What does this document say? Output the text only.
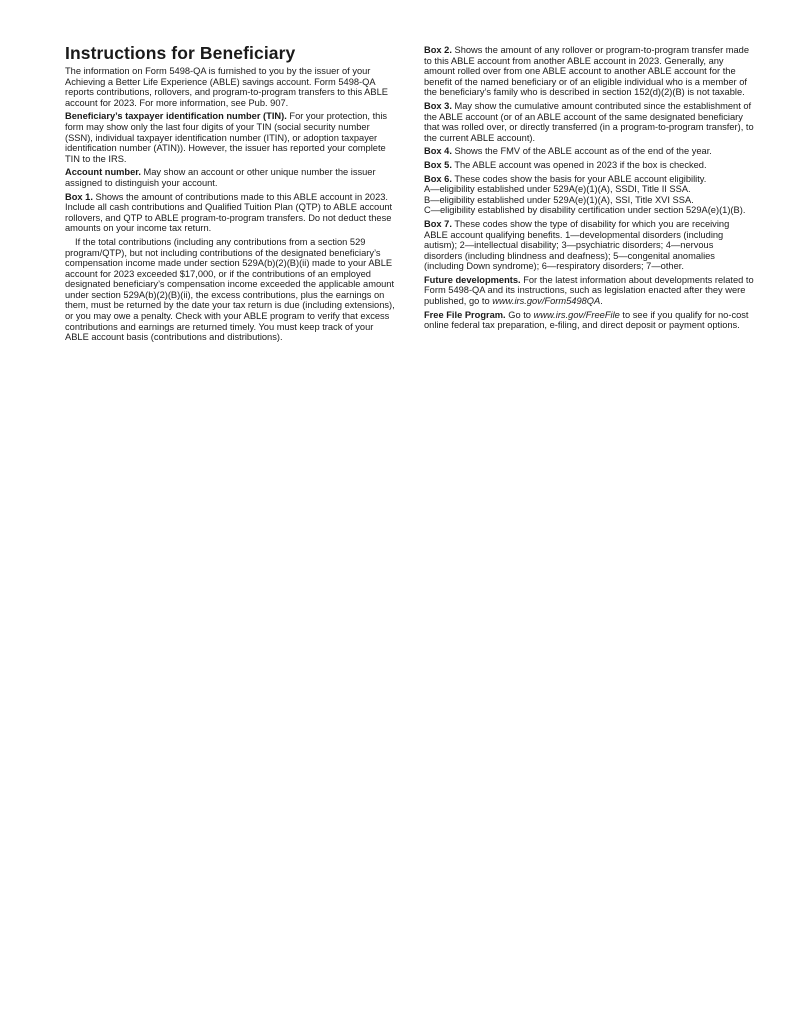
Instructions for Beneficiary

The information on Form 5498-QA is furnished to you by the issuer of your Achieving a Better Life Experience (ABLE) savings account. Form 5498-QA reports contributions, rollovers, and program-to-program transfers to this ABLE account for 2023. For more information, see Pub. 907.

Beneficiary’s taxpayer identification number (TIN). For your protection, this form may show only the last four digits of your TIN (social security number (SSN), individual taxpayer identification number (ITIN), or adoption taxpayer identification number (ATIN)). However, the issuer has reported your complete TIN to the IRS.

Account number. May show an account or other unique number the issuer assigned to distinguish your account.

Box 1. Shows the amount of contributions made to this ABLE account in 2023. Include all cash contributions and Qualified Tuition Plan (QTP) to ABLE account rollovers, and QTP to ABLE program-to-program transfers. Do not deduct these amounts on your income tax return.

If the total contributions (including any contributions from a section 529 program/QTP), but not including contributions of the designated beneficiary’s compensation income made under section 529A(b)(2)(B)(ii) made to your ABLE account for 2023 exceeded $17,000, or if the contributions of an employed designated beneficiary’s compensation income exceeded the applicable amount under section 529A(b)(2)(B)(ii), the excess contributions, plus the earnings on them, must be returned by the date your tax return is due (including extensions), or you may owe a penalty. Check with your ABLE program to verify that excess contributions and earnings are returned timely. You must keep track of your ABLE account basis (contributions and distributions).

Box 2. Shows the amount of any rollover or program-to-program transfer made to this ABLE account from another ABLE account in 2023. Generally, any amount rolled over from one ABLE account to another ABLE account for the benefit of the named beneficiary or of an eligible individual who is a member of the beneficiary’s family who is described in section 152(d)(2)(B) is not taxable.

Box 3. May show the cumulative amount contributed since the establishment of the ABLE account (or of an ABLE account of the same designated beneficiary that was rolled over, or directly transferred (in a program-to-program transfer), to the current ABLE account).

Box 4. Shows the FMV of the ABLE account as of the end of the year.

Box 5. The ABLE account was opened in 2023 if the box is checked.

Box 6. These codes show the basis for your ABLE account eligibility.
A—eligibility established under 529A(e)(1)(A), SSDI, Title II SSA.
B—eligibility established under 529A(e)(1)(A), SSI, Title XVI SSA.
C—eligibility established by disability certification under section 529A(e)(1)(B).

Box 7. These codes show the type of disability for which you are receiving ABLE account qualifying benefits. 1—developmental disorders (including autism); 2—intellectual disability; 3—psychiatric disorders; 4—nervous disorders (including blindness and deafness); 5—congenital anomalies (including Down syndrome); 6—respiratory disorders; 7—other.

Future developments. For the latest information about developments related to Form 5498-QA and its instructions, such as legislation enacted after they were published, go to www.irs.gov/Form5498QA.

Free File Program. Go to www.irs.gov/FreeFile to see if you qualify for no-cost online federal tax preparation, e-filing, and direct deposit or payment options.
